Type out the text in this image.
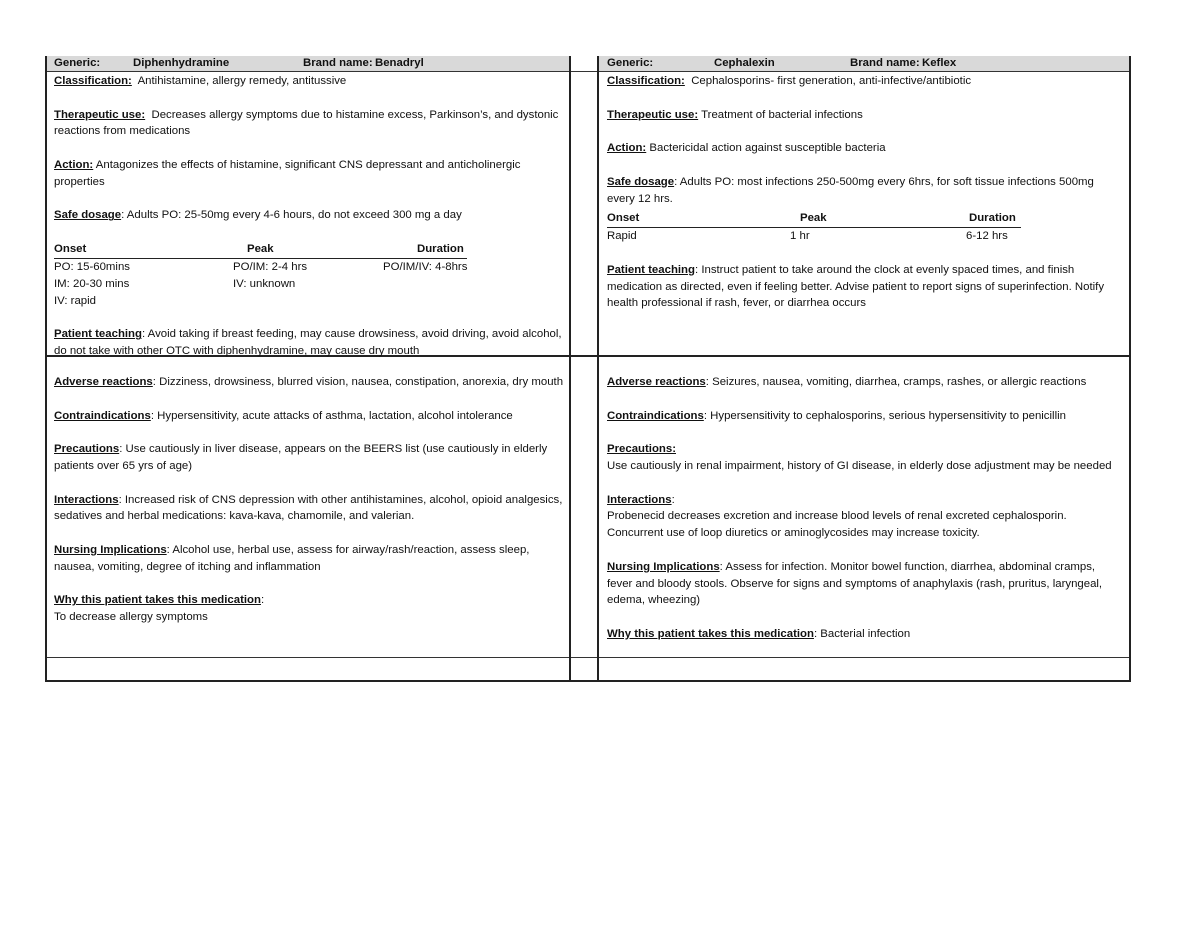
Generic:	Diphenhydramine	Brand name: Benadryl	Generic:	Cephalexin	Brand name: Keflex

Classification: Antihistamine, allergy remedy, antitussive

Therapeutic use: Decreases allergy symptoms due to histamine excess, Parkinson’s, and dystonic reactions from medications

Action: Antagonizes the effects of histamine, significant CNS depressant and anticholinergic properties

Safe dosage: Adults PO: 25-50mg every 4-6 hours, do not exceed 300 mg a day

Onset	Peak	Duration
PO: 15-60mins	PO/IM: 2-4 hrs	PO/IM/IV: 4-8hrs
IM: 20-30 mins	IV: unknown
IV: rapid

Patient teaching: Avoid taking if breast feeding, may cause drowsiness, avoid driving, avoid alcohol, do not take with other OTC with diphenhydramine, may cause dry mouth

Classification: Cephalosporins- first generation, anti-infective/antibiotic

Therapeutic use: Treatment of bacterial infections

Action: Bactericidal action against susceptible bacteria

Safe dosage: Adults PO: most infections 250-500mg every 6hrs, for soft tissue infections 500mg every 12 hrs.

Onset	Peak	Duration
Rapid	1 hr	6-12 hrs

Patient teaching: Instruct patient to take around the clock at evenly spaced times, and finish medication as directed, even if feeling better. Advise patient to report signs of superinfection. Notify health professional if rash, fever, or diarrhea occurs

Adverse reactions: Dizziness, drowsiness, blurred vision, nausea, constipation, anorexia, dry mouth

Contraindications: Hypersensitivity, acute attacks of asthma, lactation, alcohol intolerance

Precautions: Use cautiously in liver disease, appears on the BEERS list (use cautiously in elderly patients over 65 yrs of age)

Interactions: Increased risk of CNS depression with other antihistamines, alcohol, opioid analgesics, sedatives and herbal medications: kava-kava, chamomile, and valerian.

Nursing Implications: Alcohol use, herbal use, assess for airway/rash/reaction, assess sleep, nausea, vomiting, degree of itching and inflammation

Why this patient takes this medication:
To decrease allergy symptoms

Adverse reactions: Seizures, nausea, vomiting, diarrhea, cramps, rashes, or allergic reactions

Contraindications: Hypersensitivity to cephalosporins, serious hypersensitivity to penicillin

Precautions:
Use cautiously in renal impairment, history of GI disease, in elderly dose adjustment may be needed

Interactions:
Probenecid decreases excretion and increase blood levels of renal excreted cephalosporin. Concurrent use of loop diuretics or aminoglycosides may increase toxicity.

Nursing Implications: Assess for infection. Monitor bowel function, diarrhea, abdominal cramps, fever and bloody stools. Observe for signs and symptoms of anaphylaxis (rash, pruritus, laryngeal, edema, wheezing)

Why this patient takes this medication: Bacterial infection
